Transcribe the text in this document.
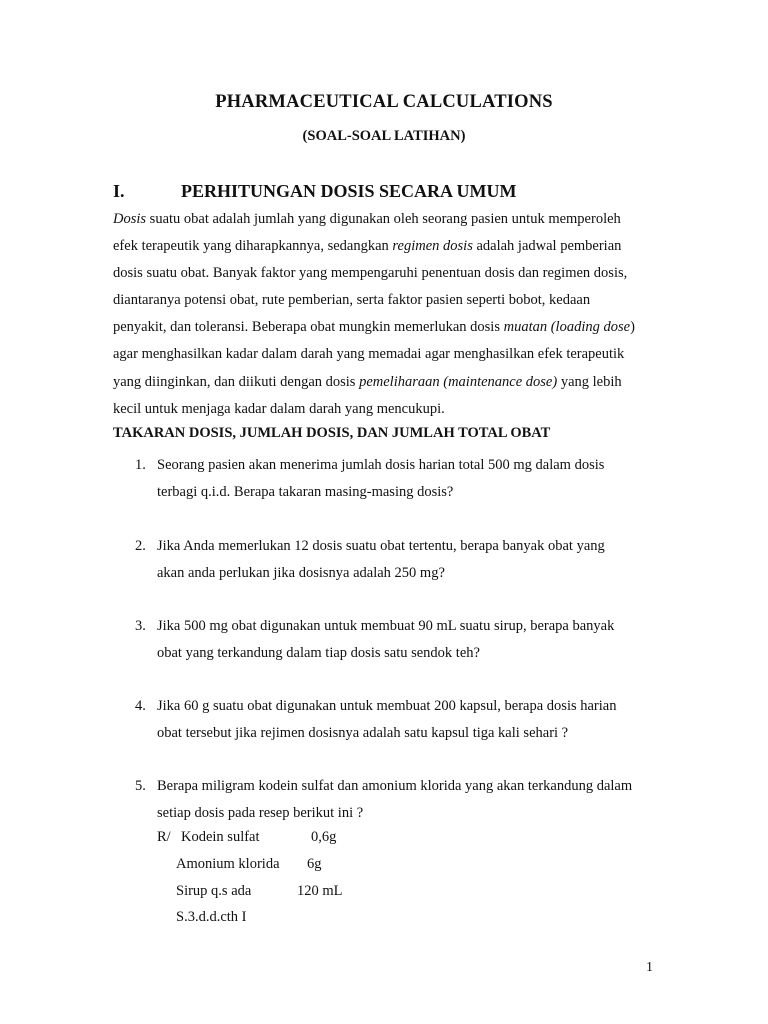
PHARMACEUTICAL CALCULATIONS
(SOAL-SOAL LATIHAN)
I.	PERHITUNGAN DOSIS SECARA UMUM
Dosis suatu obat adalah jumlah yang digunakan oleh seorang pasien untuk memperoleh
efek terapeutik yang diharapkannya, sedangkan regimen dosis adalah jadwal pemberian
dosis suatu obat. Banyak faktor yang mempengaruhi penentuan dosis dan regimen dosis,
diantaranya potensi obat, rute pemberian, serta faktor pasien seperti bobot, kedaan
penyakit, dan toleransi. Beberapa obat mungkin memerlukan dosis muatan (loading dose)
agar menghasilkan kadar dalam darah yang memadai agar menghasilkan efek terapeutik
yang diinginkan, dan diikuti dengan dosis pemeliharaan (maintenance dose) yang lebih
kecil untuk menjaga kadar dalam darah yang mencukupi.
TAKARAN DOSIS, JUMLAH DOSIS, DAN JUMLAH TOTAL OBAT
1. Seorang pasien akan menerima jumlah dosis harian total 500 mg dalam dosis
terbagi q.i.d. Berapa takaran masing-masing dosis?
2. Jika Anda memerlukan 12 dosis suatu obat tertentu, berapa banyak obat yang
akan anda perlukan jika dosisnya adalah 250 mg?
3. Jika 500 mg obat digunakan untuk membuat 90 mL suatu sirup, berapa banyak
obat yang terkandung dalam tiap dosis satu sendok teh?
4. Jika 60 g suatu obat digunakan untuk membuat 200 kapsul, berapa dosis harian
obat tersebut jika rejimen dosisnya adalah satu kapsul tiga kali sehari ?
5. Berapa miligram kodein sulfat dan amonium klorida yang akan terkandung dalam
setiap dosis pada resep berikut ini ?
R/ Kodein sulfat	0,6g
Amonium klorida 6g
Sirup q.s ada	120 mL
S.3.d.d.cth I
1
